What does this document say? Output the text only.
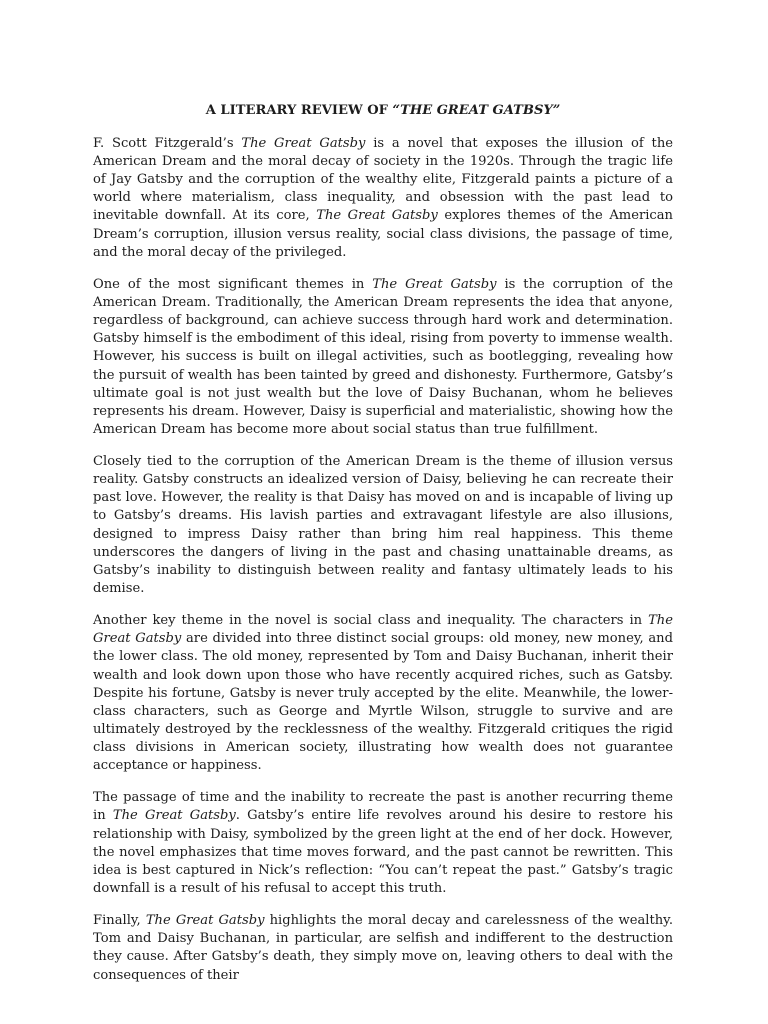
A LITERARY REVIEW OF “THE GREAT GATBSY”

F. Scott Fitzgerald’s The Great Gatsby is a novel that exposes the illusion of the American Dream and the moral decay of society in the 1920s. Through the tragic life of Jay Gatsby and the corruption of the wealthy elite, Fitzgerald paints a picture of a world where materialism, class inequality, and obsession with the past lead to inevitable downfall. At its core, The Great Gatsby explores themes of the American Dream’s corruption, illusion versus reality, social class divisions, the passage of time, and the moral decay of the privileged.

One of the most significant themes in The Great Gatsby is the corruption of the American Dream. Traditionally, the American Dream represents the idea that anyone, regardless of background, can achieve success through hard work and determination. Gatsby himself is the embodiment of this ideal, rising from poverty to immense wealth. However, his success is built on illegal activities, such as bootlegging, revealing how the pursuit of wealth has been tainted by greed and dishonesty. Furthermore, Gatsby’s ultimate goal is not just wealth but the love of Daisy Buchanan, whom he believes represents his dream. However, Daisy is superficial and materialistic, showing how the American Dream has become more about social status than true fulfillment.

Closely tied to the corruption of the American Dream is the theme of illusion versus reality. Gatsby constructs an idealized version of Daisy, believing he can recreate their past love. However, the reality is that Daisy has moved on and is incapable of living up to Gatsby’s dreams. His lavish parties and extravagant lifestyle are also illusions, designed to impress Daisy rather than bring him real happiness. This theme underscores the dangers of living in the past and chasing unattainable dreams, as Gatsby’s inability to distinguish between reality and fantasy ultimately leads to his demise.

Another key theme in the novel is social class and inequality. The characters in The Great Gatsby are divided into three distinct social groups: old money, new money, and the lower class. The old money, represented by Tom and Daisy Buchanan, inherit their wealth and look down upon those who have recently acquired riches, such as Gatsby. Despite his fortune, Gatsby is never truly accepted by the elite. Meanwhile, the lower-class characters, such as George and Myrtle Wilson, struggle to survive and are ultimately destroyed by the recklessness of the wealthy. Fitzgerald critiques the rigid class divisions in American society, illustrating how wealth does not guarantee acceptance or happiness.

The passage of time and the inability to recreate the past is another recurring theme in The Great Gatsby. Gatsby’s entire life revolves around his desire to restore his relationship with Daisy, symbolized by the green light at the end of her dock. However, the novel emphasizes that time moves forward, and the past cannot be rewritten. This idea is best captured in Nick’s reflection: “You can’t repeat the past.” Gatsby’s tragic downfall is a result of his refusal to accept this truth.

Finally, The Great Gatsby highlights the moral decay and carelessness of the wealthy. Tom and Daisy Buchanan, in particular, are selfish and indifferent to the destruction they cause. After Gatsby’s death, they simply move on, leaving others to deal with the consequences of their
